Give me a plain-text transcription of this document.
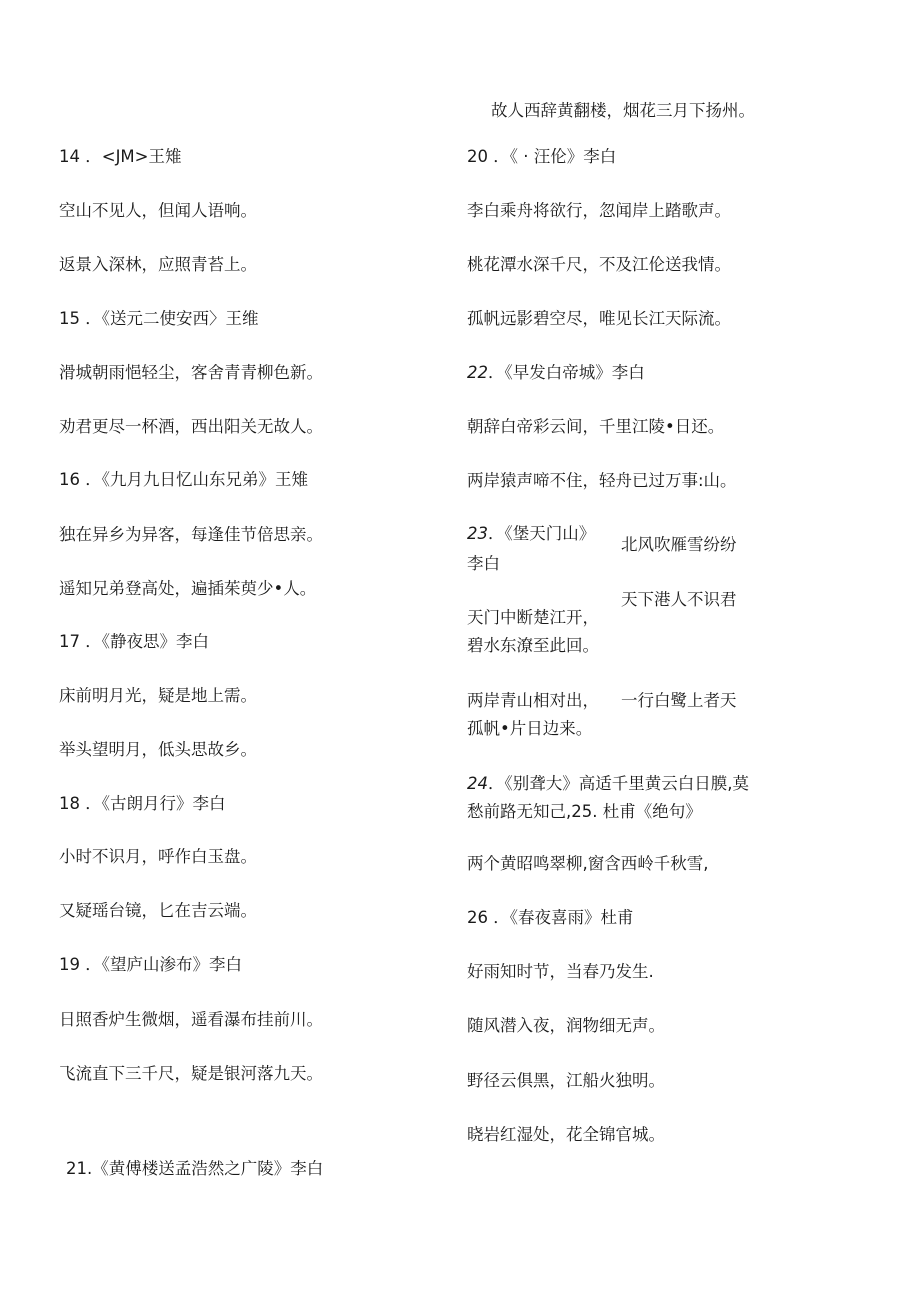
14 ．<JM>王雉
空山不见人，但闻人语响。
返景入深林，应照青苔上。
15 ．《送元二使安西〉王维
滑城朝雨悒轻尘，客舍青青柳色新。
劝君更尽一杯酒，西出阳关无故人。
16 ．《九月九日忆山东兄弟》王雉
独在异乡为异客，每逢佳节倍思亲。
遥知兄弟登高处，遍插茱萸少•人。
17 ．《静夜思》李白
床前明月光，疑是地上需。
举头望明月，低头思故乡。
18 ．《古朗月行》李白
小时不识月，呼作白玉盘。
又疑瑶台镜，匕在吉云端。
19 ．《望庐山渗布》李白
日照香炉生微烟，遥看瀑布挂前川。
飞流直下三千尺，疑是银河落九天。
21.《黄傅楼送孟浩然之广陵》李白
故人西辞黄翻楼，烟花三月下扬州。
20 ．《 · 汪伦》李白
李白乘舟将欲行，忽闻岸上踏歌声。
桃花潭水深千尺，不及江伦送我情。
孤帆远影碧空尽，唯见长江天际流。
22．《早发白帝城》李白
朝辞白帝彩云间，千里江陵•日还。
两岸猿声啼不住，轻舟已过万事:山。
23．《堡天门山》
北风吹雁雪纷纷
李白
天下港人不识君
天门中断楚江开，
碧水东潦至此回。
两岸青山相对出， 一行白鹭上者天
孤帆•片日边来。
24．《别聋大》高适千里黄云白日膜,莫
愁前路无知己,25. 杜甫《绝句》
两个黄昭鸣翠柳,窗含西岭千秋雪,
26 ．《春夜喜雨》杜甫
好雨知时节，当春乃发生.
随风潜入夜，润物细无声。
野径云俱黑，江船火独明。
晓岩红湿处，花全锦官城。
